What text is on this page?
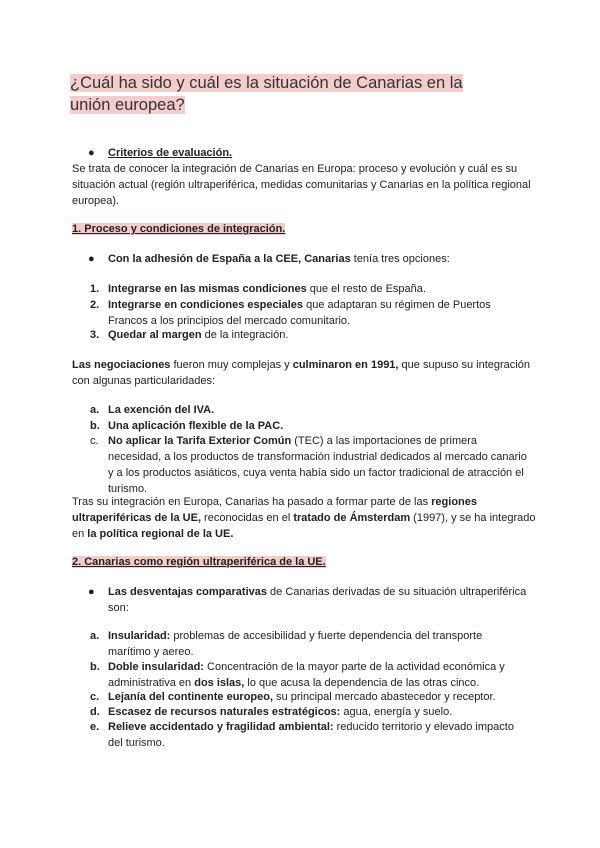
¿Cuál ha sido y cuál es la situación de Canarias en la unión europea?
● Criterios de evaluación.
Se trata de conocer la integración de Canarias en Europa: proceso y evolución y cuál es su situación actual (región ultraperiférica, medidas comunitarias y Canarias en la política regional europea).
1. Proceso y condiciones de integración.
● Con la adhesión de España a la CEE, Canarias tenía tres opciones:
1. Integrarse en las mismas condiciones que el resto de España.
2. Integrarse en condiciones especiales que adaptaran su régimen de Puertos Francos a los principios del mercado comunitario.
3. Quedar al margen de la integración.
Las negociaciones fueron muy complejas y culminaron en 1991, que supuso su integración con algunas particularidades:
a. La exención del IVA.
b. Una aplicación flexible de la PAC.
c. No aplicar la Tarifa Exterior Común (TEC) a las importaciones de primera necesidad, a los productos de transformación industrial dedicados al mercado canario y a los productos asiáticos, cuya venta había sido un factor tradicional de atracción el turismo.
Tras su integración en Europa, Canarias ha pasado a formar parte de las regiones ultraperiféricas de la UE, reconocidas en el tratado de Ámsterdam (1997), y se ha integrado en la política regional de la UE.
2. Canarias como región ultraperiférica de la UE.
● Las desventajas comparativas de Canarias derivadas de su situación ultraperiférica son:
a. Insularidad: problemas de accesibilidad y fuerte dependencia del transporte marítimo y aereo.
b. Doble insularidad: Concentración de la mayor parte de la actividad económica y administrativa en dos islas, lo que acusa la dependencia de las otras cinco.
c. Lejanía del continente europeo, su principal mercado abastecedor y receptor.
d. Escasez de recursos naturales estratégicos: agua, energía y suelo.
e. Relieve accidentado y fragilidad ambiental: reducido territorio y elevado impacto del turismo.
